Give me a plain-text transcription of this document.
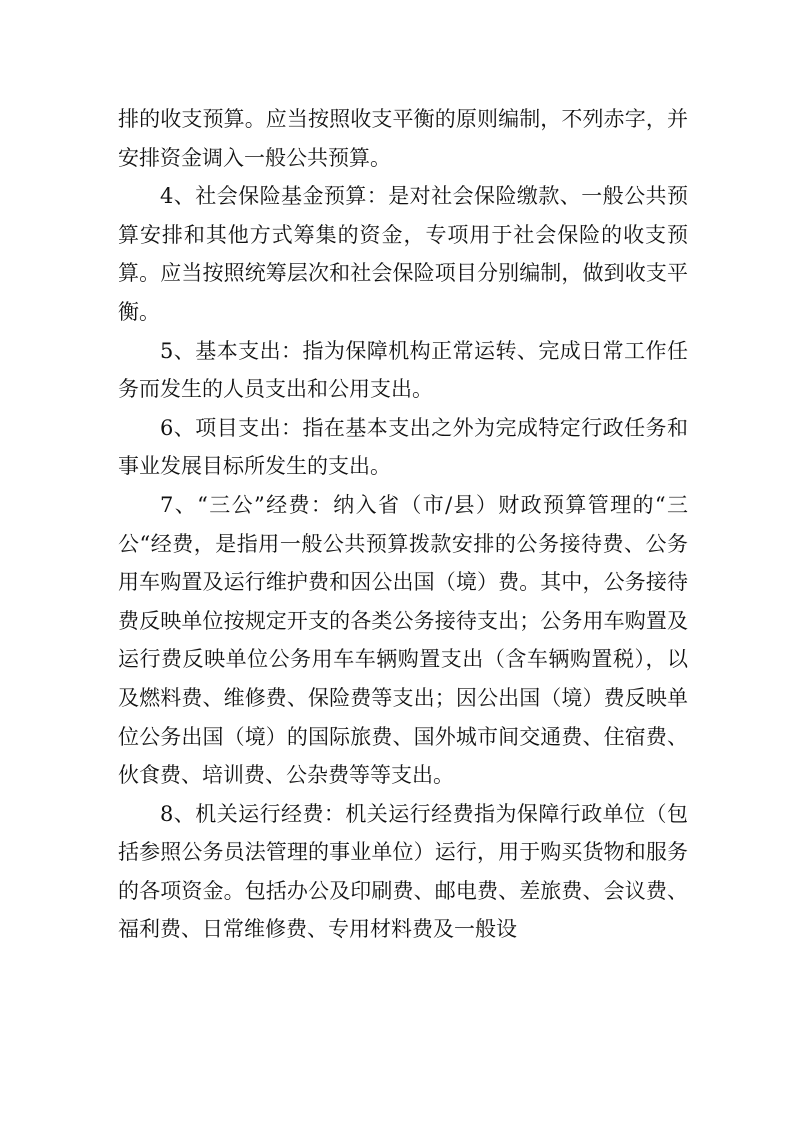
排的收支预算。应当按照收支平衡的原则编制，不列赤字，并安排资金调入一般公共预算。

4、社会保险基金预算：是对社会保险缴款、一般公共预算安排和其他方式筹集的资金，专项用于社会保险的收支预算。应当按照统筹层次和社会保险项目分别编制，做到收支平衡。

5、基本支出：指为保障机构正常运转、完成日常工作任务而发生的人员支出和公用支出。

6、项目支出：指在基本支出之外为完成特定行政任务和事业发展目标所发生的支出。

7、“三公”经费：纳入省（市/县）财政预算管理的“三公“经费，是指用一般公共预算拨款安排的公务接待费、公务用车购置及运行维护费和因公出国（境）费。其中，公务接待费反映单位按规定开支的各类公务接待支出；公务用车购置及运行费反映单位公务用车车辆购置支出（含车辆购置税），以及燃料费、维修费、保险费等支出；因公出国（境）费反映单位公务出国（境）的国际旅费、国外城市间交通费、住宿费、伙食费、培训费、公杂费等等支出。

8、机关运行经费：机关运行经费指为保障行政单位（包括参照公务员法管理的事业单位）运行，用于购买货物和服务的各项资金。包括办公及印刷费、邮电费、差旅费、会议费、福利费、日常维修费、专用材料费及一般设
